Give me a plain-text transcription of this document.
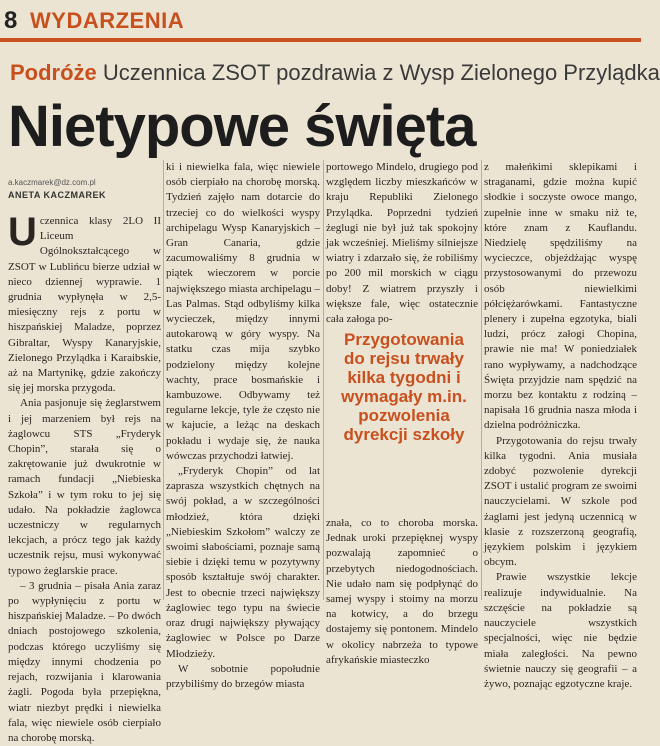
8 WYDARZENIA
Podróże Uczennica ZSOT pozdrawia z Wysp Zielonego Przylądka
Nietypowe święta
a.kaczmarek@dz.com.pl
ANETA KACZMAREK

Uczennica klasy 2LO II Liceum Ogólnokształcącego w ZSOT w Lublińcu bierze udział w nieco dziennej wyprawie. 1 grudnia wypłynęła w 2,5-miesięczny rejs z portu w hiszpańskiej Maladze, poprzez Gibraltar, Wyspy Kanaryjskie, Zielonego Przylądka i Karaibskie, aż na Martynikę, gdzie zakończy się jej morska przygoda.

Ania pasjonuje się żeglarstwem i jej marzeniem był rejs na żaglowcu STS „Fryderyk Chopin”, starała się o zakrętowanie już dwukrotnie w ramach fundacji „Niebieska Szkoła” i w tym roku to jej się udało. Na pokładzie żaglowca uczestniczy w regularnych lekcjach, a prócz tego jak każdy uczestnik rejsu, musi wykonywać typowo żeglarskie prace.

– 3 grudnia – pisała Ania zaraz po wypłynięciu z portu w hiszpańskiej Maladze. – Po dwóch dniach postojowego szkolenia, podczas którego uczyliśmy się między innymi chodzenia po rejach, rozwijania i klarowania żagli. Pogoda była przepiękna, wiatr niezbyt prędki i niewielka fala, więc niewiele osób cierpiało na chorobę morską.

ki i niewielka fala, więc niewiele osób cierpiało na chorobę morską. Tydzień zajęło nam dotarcie do trzeciej co do wielkości wyspy archipelagu Wysp Kanaryjskich – Gran Canaria, gdzie zacumowaliśmy 8 grudnia w piątek wieczorem w porcie największego miasta archipelagu – Las Palmas. Stąd odbyliśmy kilka wycieczek, między innymi autokarową w góry wyspy. Na statku czas mija szybko podzielony między kolejne wachty, prace bosmańskie i kambuzowe. Odbywamy też regularne lekcje, tyle że często nie w kajucie, a leżąc na deskach pokładu i wydaje się, że nauka wówczas przychodzi łatwiej.

„Fryderyk Chopin” od lat zaprasza wszystkich chętnych na swój pokład, a w szczególności młodzież, która dzięki „Niebieskim Szkołom” walczy ze swoimi słabościami, poznaje samą siebie i dzięki temu w pozytywny sposób kształtuje swój charakter. Jest to obecnie trzeci największy żaglowiec tego typu na świecie oraz drugi największy pływający żaglowiec w Polsce po Darze Młodzieży.

W sobotnie popołudnie przybiliśmy do brzegów miasta

portowego Mindelo, drugiego pod względem liczby mieszkańców w kraju Republiki Zielonego Przylądka. Poprzedni tydzień żeglugi nie był już tak spokojny jak wcześniej. Mieliśmy silniejsze wiatry i zdarzało się, że robiliśmy po 200 mil morskich w ciągu doby! Z wiatrem przyszły i większe fale, więc ostatecznie cała załoga po-

Przygotowania do rejsu trwały kilka tygodni i wymagały m.in. pozwolenia dyrekcji szkoły

znała, co to choroba morska. Jednak uroki przepięknej wyspy pozwalają zapomnieć o przebytych niedogodnościach. Nie udało nam się podpłynąć do samej wyspy i stoimy na morzu na kotwicy, a do brzegu dostajemy się pontonem. Mindelo w okolicy nabrzeża to typowe afrykańskie miasteczko

z małeńkimi sklepikami i straganami, gdzie można kupić słodkie i soczyste owoce mango, zupełnie inne w smaku niż te, które znam z Kauflandu. Niedzielę spędziliśmy na wycieczce, objeżdżając wyspę przystosowanymi do przewozu osób niewielkimi półciężarówkami. Fantastyczne plenery i zupełna egzotyka, biali ludzi, prócz załogi Chopina, prawie nie ma! W poniedziałek rano wypływamy, a nadchodzące Święta przyjdzie nam spędzić na morzu bez kontaktu z rodziną – napisała 16 grudnia nasza młoda i dzielna podróżniczka.

Przygotowania do rejsu trwały kilka tygodni. Ania musiała zdobyć pozwolenie dyrekcji ZSOT i ustalić program ze swoimi nauczycielami. W szkole pod żaglami jest jedyną uczennicą w klasie z rozszerzoną geografią, językiem polskim i językiem obcym.

Prawie wszystkie lekcje realizuje indywidualnie. Na szczęście na pokładzie są nauczyciele wszystkich specjalności, więc nie będzie miała zaległości. Na pewno świetnie nauczy się geografii – a żywo, poznając egzotyczne kraje.
